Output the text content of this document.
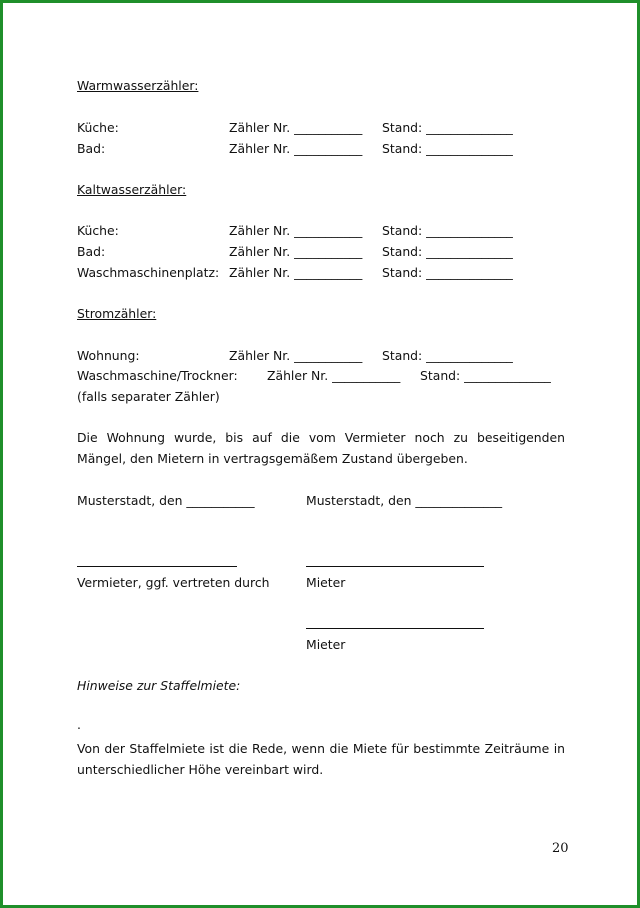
Warmwasserzähler:
Küche:	Zähler Nr. ___________ Stand: ______________
Bad:	Zähler Nr. ___________ Stand: ______________
Kaltwasserzähler:
Küche:	Zähler Nr. ___________ Stand: ______________
Bad:	Zähler Nr. ___________ Stand: ______________
Waschmaschinenplatz: Zähler Nr. ___________ Stand: ______________
Stromzähler:
Wohnung:	Zähler Nr. ___________ Stand: ______________
Waschmaschine/Trockner: Zähler Nr. ___________ Stand: ______________
(falls separater Zähler)
Die Wohnung wurde, bis auf die vom Vermieter noch zu beseitigenden Mängel, den Mietern in vertragsgemäßem Zustand übergeben.
Musterstadt, den ___________	Musterstadt, den ______________
Vermieter, ggf. vertreten durch	Mieter
Mieter
Hinweise zur Staffelmiete:
.
Von der Staffelmiete ist die Rede, wenn die Miete für bestimmte Zeiträume in unterschiedlicher Höhe vereinbart wird.
20
